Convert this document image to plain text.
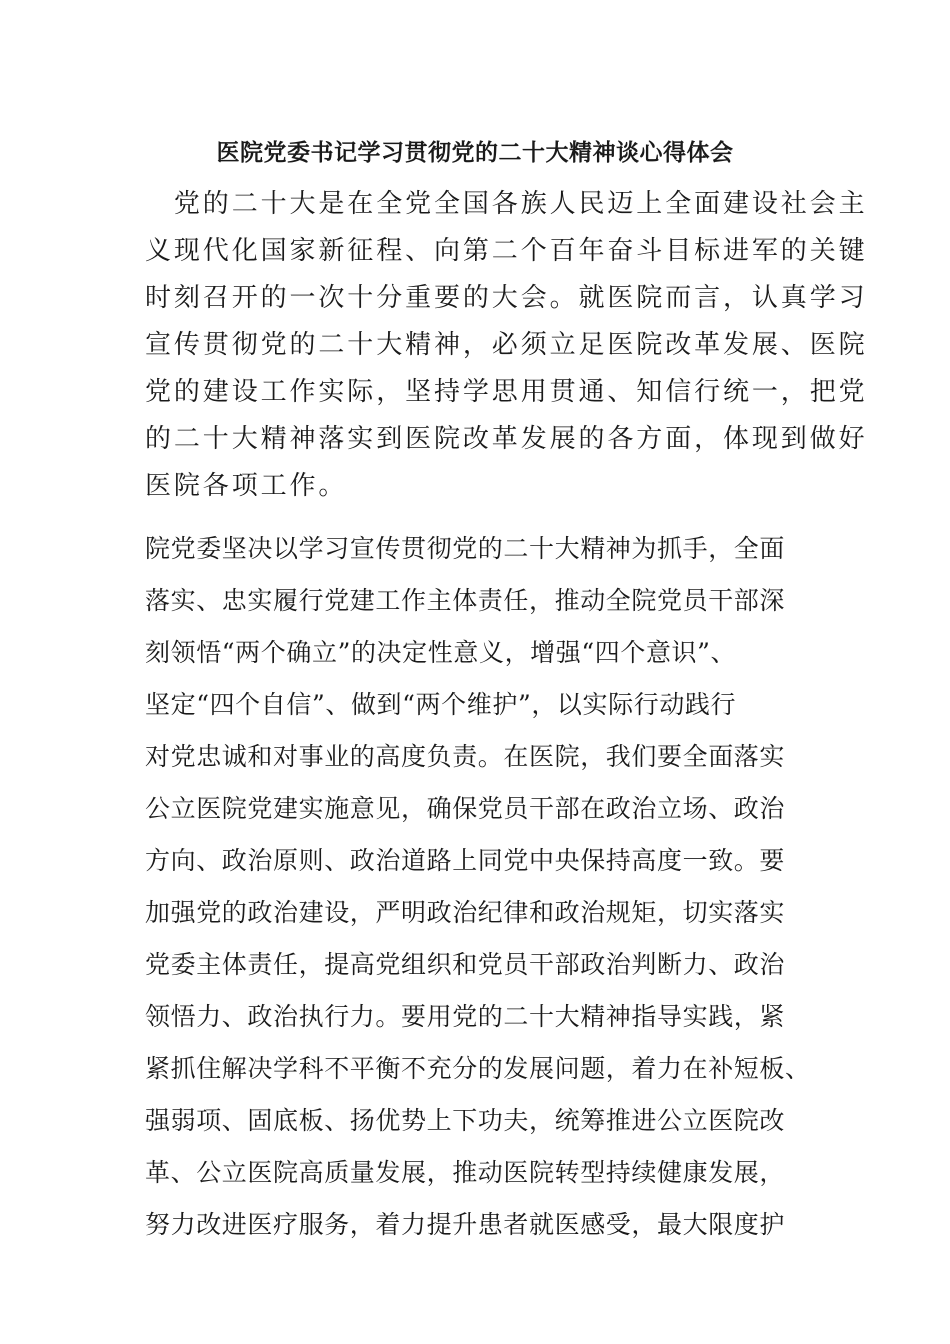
医院党委书记学习贯彻党的二十大精神谈心得体会
　党的二十大是在全党全国各族人民迈上全面建设社会主
义现代化国家新征程、向第二个百年奋斗目标进军的关键
时刻召开的一次十分重要的大会。就医院而言，认真学习
宣传贯彻党的二十大精神，必须立足医院改革发展、医院
党的建设工作实际，坚持学思用贯通、知信行统一，把党
的二十大精神落实到医院改革发展的各方面，体现到做好
医院各项工作。
院党委坚决以学习宣传贯彻党的二十大精神为抓手，全面
落实、忠实履行党建工作主体责任，推动全院党员干部深
刻领悟“两个确立”的决定性意义，增强“四个意识”、
坚定“四个自信”、做到“两个维护”，以实际行动践行
对党忠诚和对事业的高度负责。在医院，我们要全面落实
公立医院党建实施意见，确保党员干部在政治立场、政治
方向、政治原则、政治道路上同党中央保持高度一致。要
加强党的政治建设，严明政治纪律和政治规矩，切实落实
党委主体责任，提高党组织和党员干部政治判断力、政治
领悟力、政治执行力。要用党的二十大精神指导实践，紧
紧抓住解决学科不平衡不充分的发展问题，着力在补短板、
强弱项、固底板、扬优势上下功夫，统筹推进公立医院改
革、公立医院高质量发展，推动医院转型持续健康发展，
努力改进医疗服务，着力提升患者就医感受，最大限度护
